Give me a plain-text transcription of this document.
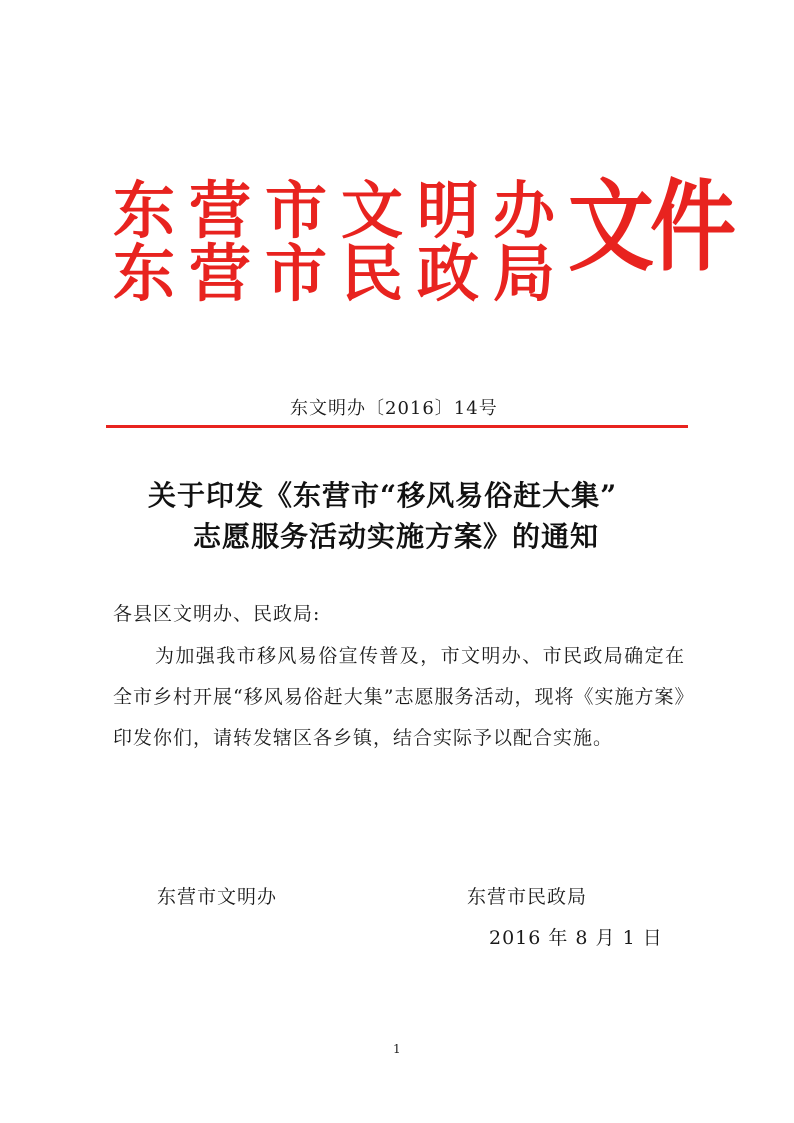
东营市文明办
东营市民政局
文件
东文明办〔2016〕14号
关于印发《东营市“移风易俗赶大集”
志愿服务活动实施方案》的通知
各县区文明办、民政局:
为加强我市移风易俗宣传普及，市文明办、市民政局确定在全市乡村开展“移风易俗赶大集”志愿服务活动，现将《实施方案》印发你们，请转发辖区各乡镇，结合实际予以配合实施。
东营市文明办	东营市民政局
2016 年 8 月 1 日
1
